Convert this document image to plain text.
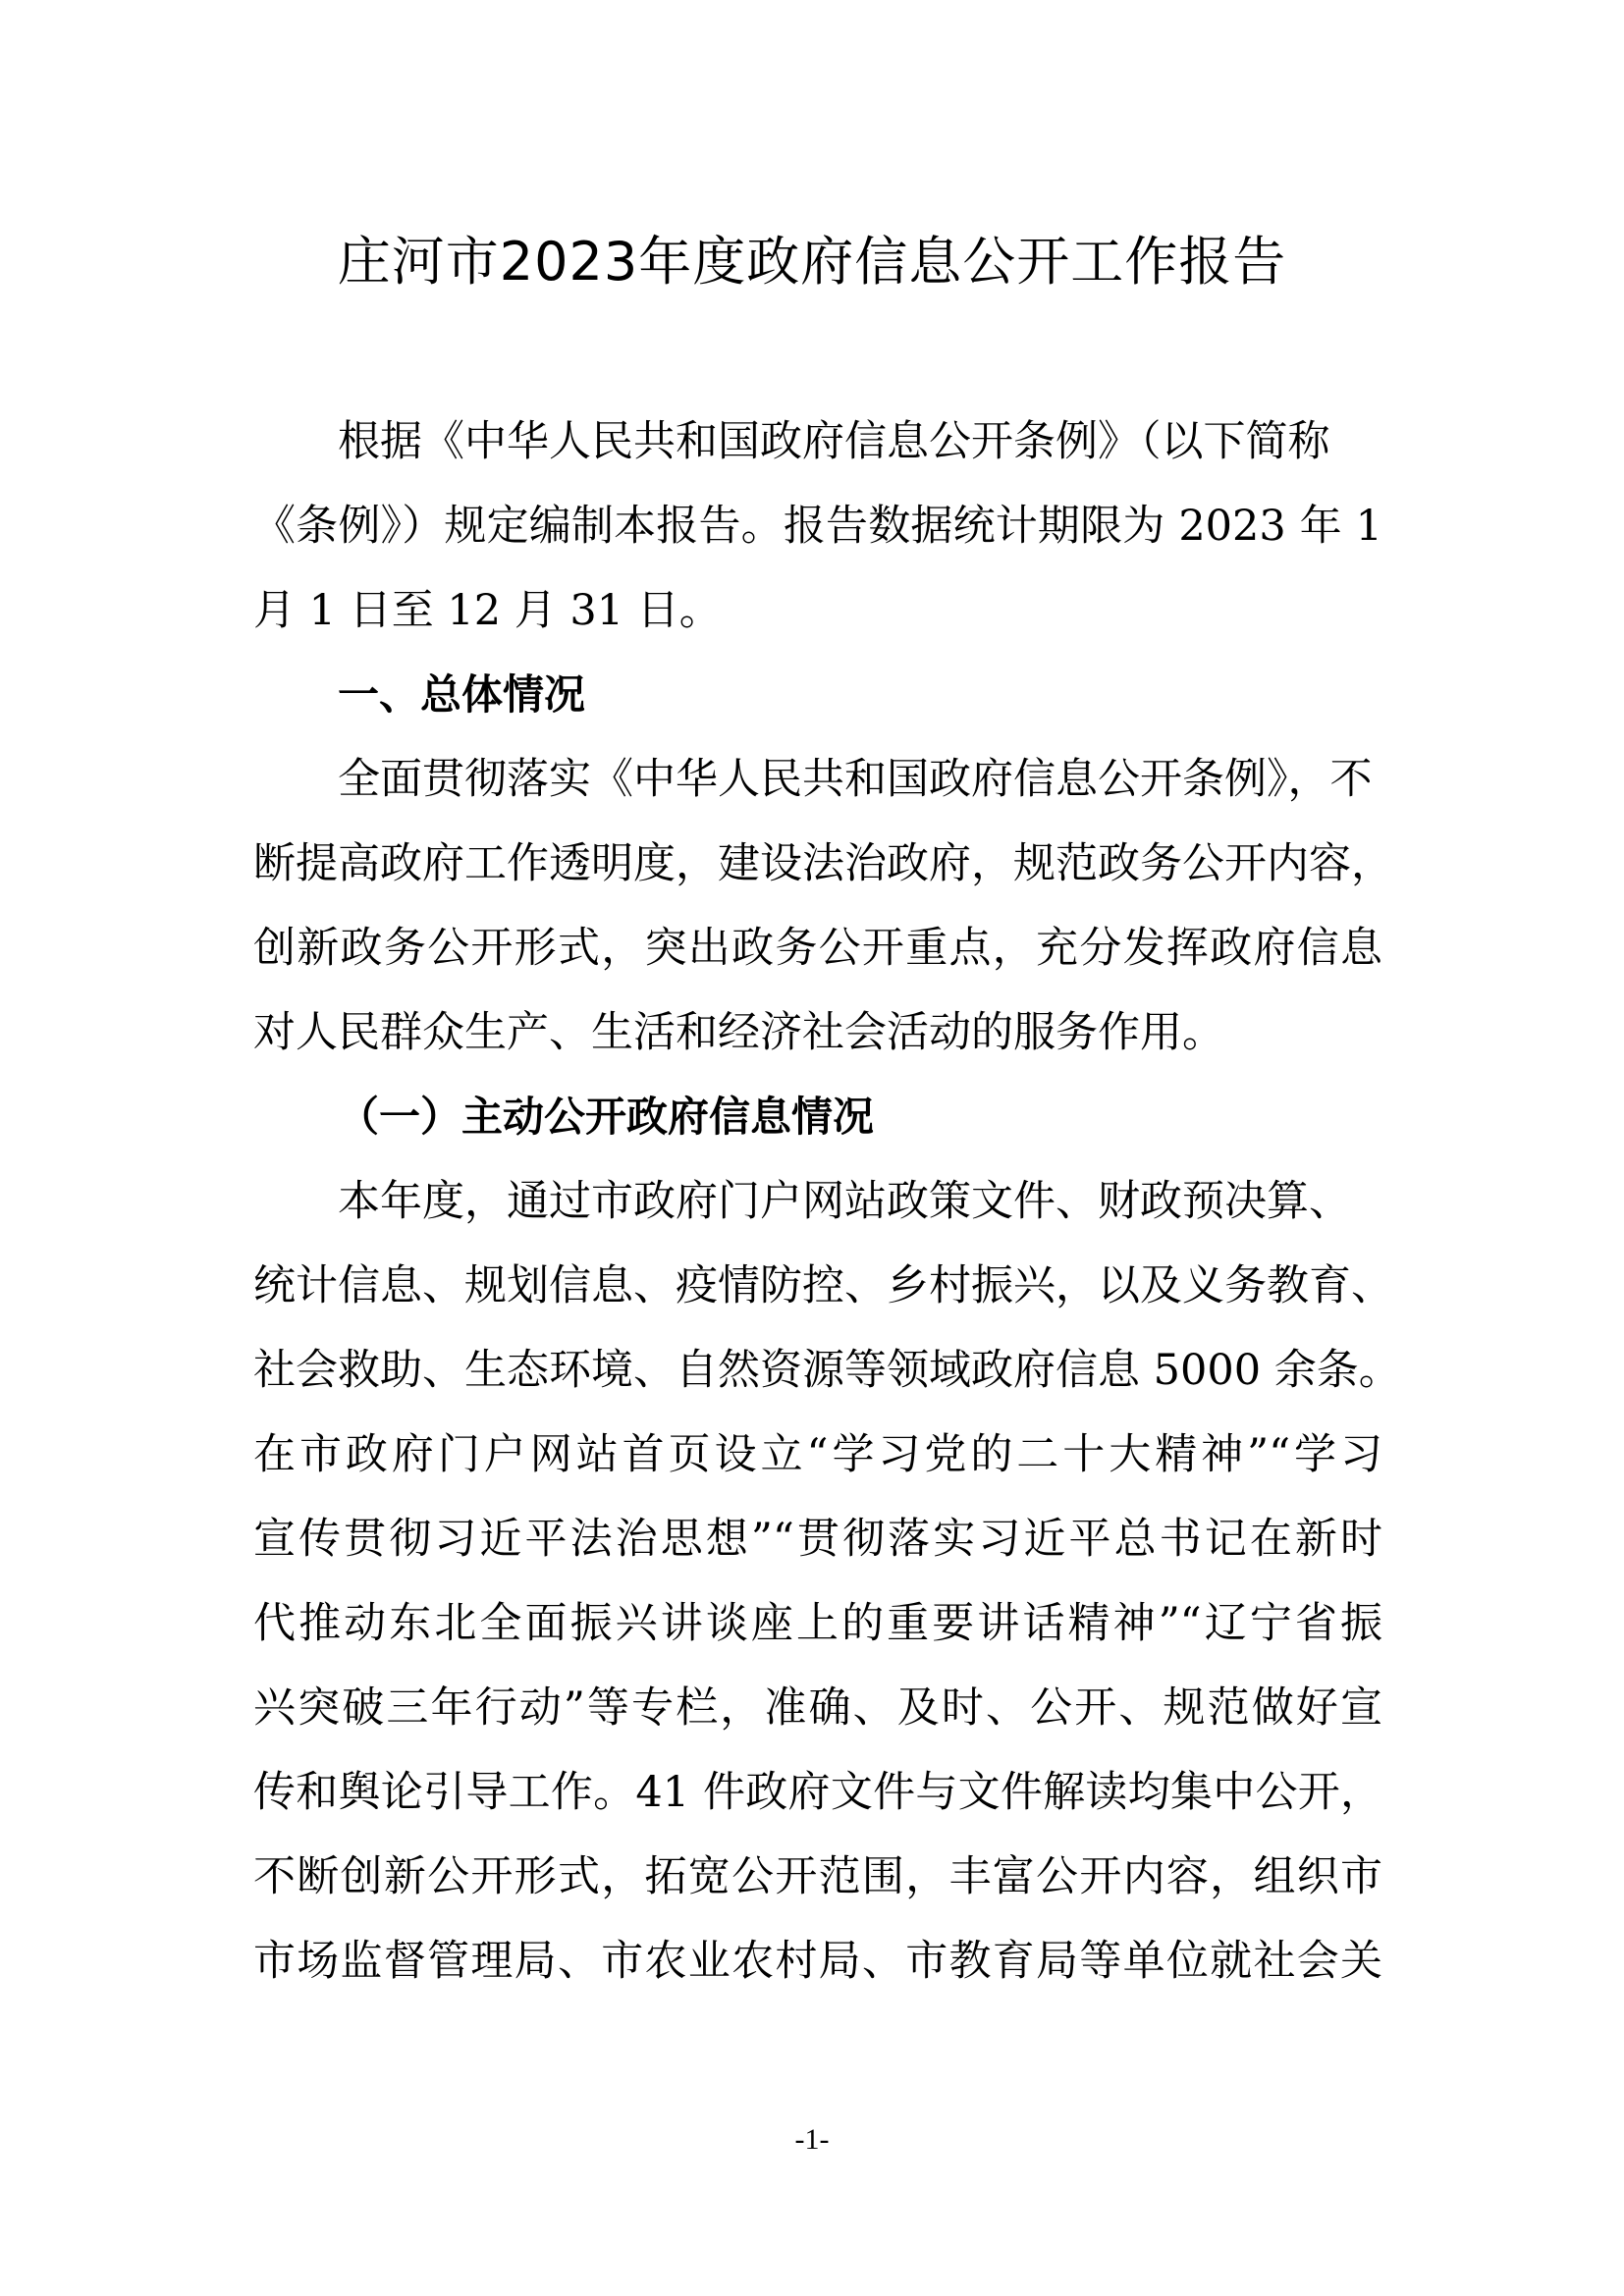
庄河市2023年度政府信息公开工作报告
根据《中华人民共和国政府信息公开条例》（以下简称
《条例》）规定编制本报告。报告数据统计期限为 2023 年 1
月 1 日至 12 月 31 日。
一、总体情况
全面贯彻落实《中华人民共和国政府信息公开条例》，不
断提高政府工作透明度，建设法治政府，规范政务公开内容，
创新政务公开形式，突出政务公开重点，充分发挥政府信息
对人民群众生产、生活和经济社会活动的服务作用。
（一）主动公开政府信息情况
本年度，通过市政府门户网站政策文件、财政预决算、
统计信息、规划信息、疫情防控、乡村振兴，以及义务教育、
社会救助、生态环境、自然资源等领域政府信息 5000 余条。
在市政府门户网站首页设立“学习党的二十大精神”“学习
宣传贯彻习近平法治思想”“贯彻落实习近平总书记在新时
代推动东北全面振兴讲谈座上的重要讲话精神”“辽宁省振
兴突破三年行动”等专栏，准确、及时、公开、规范做好宣
传和舆论引导工作。41 件政府文件与文件解读均集中公开，
不断创新公开形式，拓宽公开范围，丰富公开内容，组织市
市场监督管理局、市农业农村局、市教育局等单位就社会关
-1-
